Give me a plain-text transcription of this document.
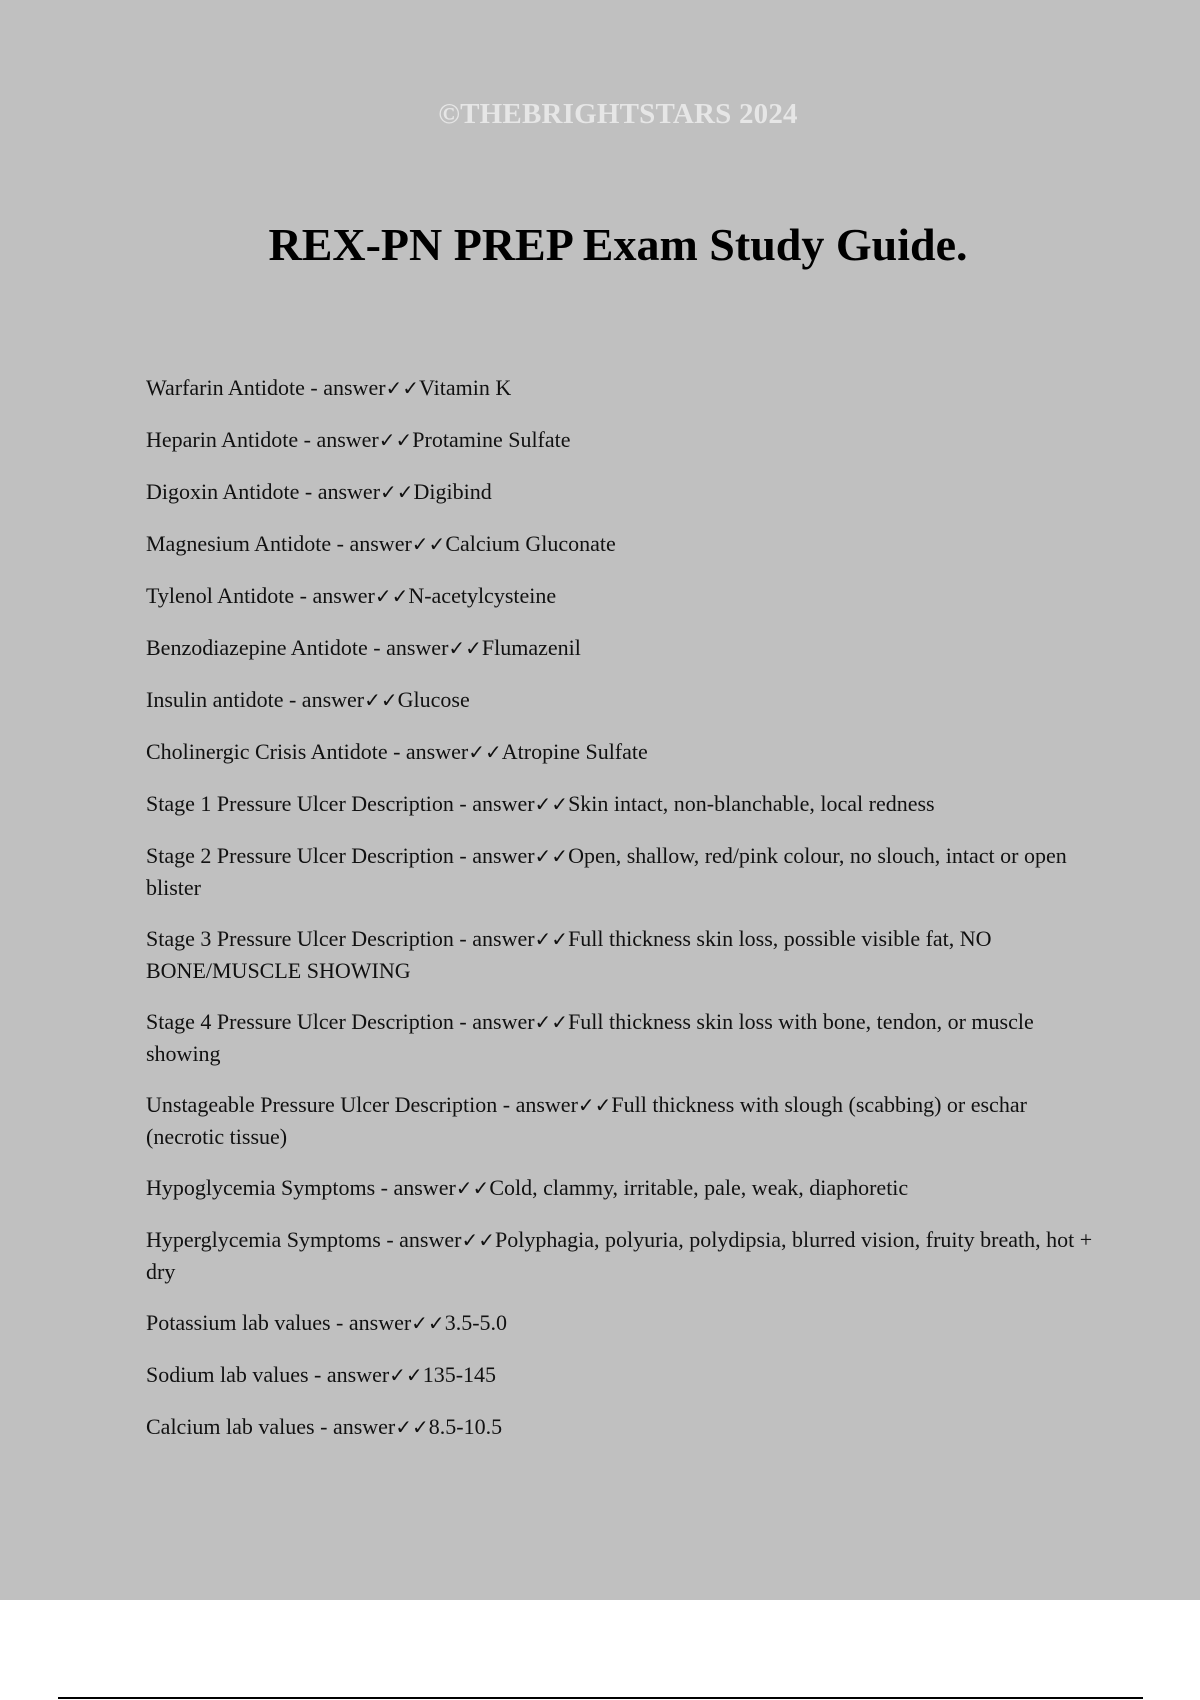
©THEBRIGHTSTARS 2024
REX-PN PREP Exam Study Guide.
Warfarin Antidote - answer✓✓Vitamin K
Heparin Antidote - answer✓✓Protamine Sulfate
Digoxin Antidote - answer✓✓Digibind
Magnesium Antidote - answer✓✓Calcium Gluconate
Tylenol Antidote - answer✓✓N-acetylcysteine
Benzodiazepine Antidote - answer✓✓Flumazenil
Insulin antidote - answer✓✓Glucose
Cholinergic Crisis Antidote - answer✓✓Atropine Sulfate
Stage 1 Pressure Ulcer Description - answer✓✓Skin intact, non-blanchable, local redness
Stage 2 Pressure Ulcer Description - answer✓✓Open, shallow, red/pink colour, no slouch, intact or open blister
Stage 3 Pressure Ulcer Description - answer✓✓Full thickness skin loss, possible visible fat, NO BONE/MUSCLE SHOWING
Stage 4 Pressure Ulcer Description - answer✓✓Full thickness skin loss with bone, tendon, or muscle showing
Unstageable Pressure Ulcer Description - answer✓✓Full thickness with slough (scabbing) or eschar (necrotic tissue)
Hypoglycemia Symptoms - answer✓✓Cold, clammy, irritable, pale, weak, diaphoretic
Hyperglycemia Symptoms - answer✓✓Polyphagia, polyuria, polydipsia, blurred vision, fruity breath, hot + dry
Potassium lab values - answer✓✓3.5-5.0
Sodium lab values - answer✓✓135-145
Calcium lab values - answer✓✓8.5-10.5
